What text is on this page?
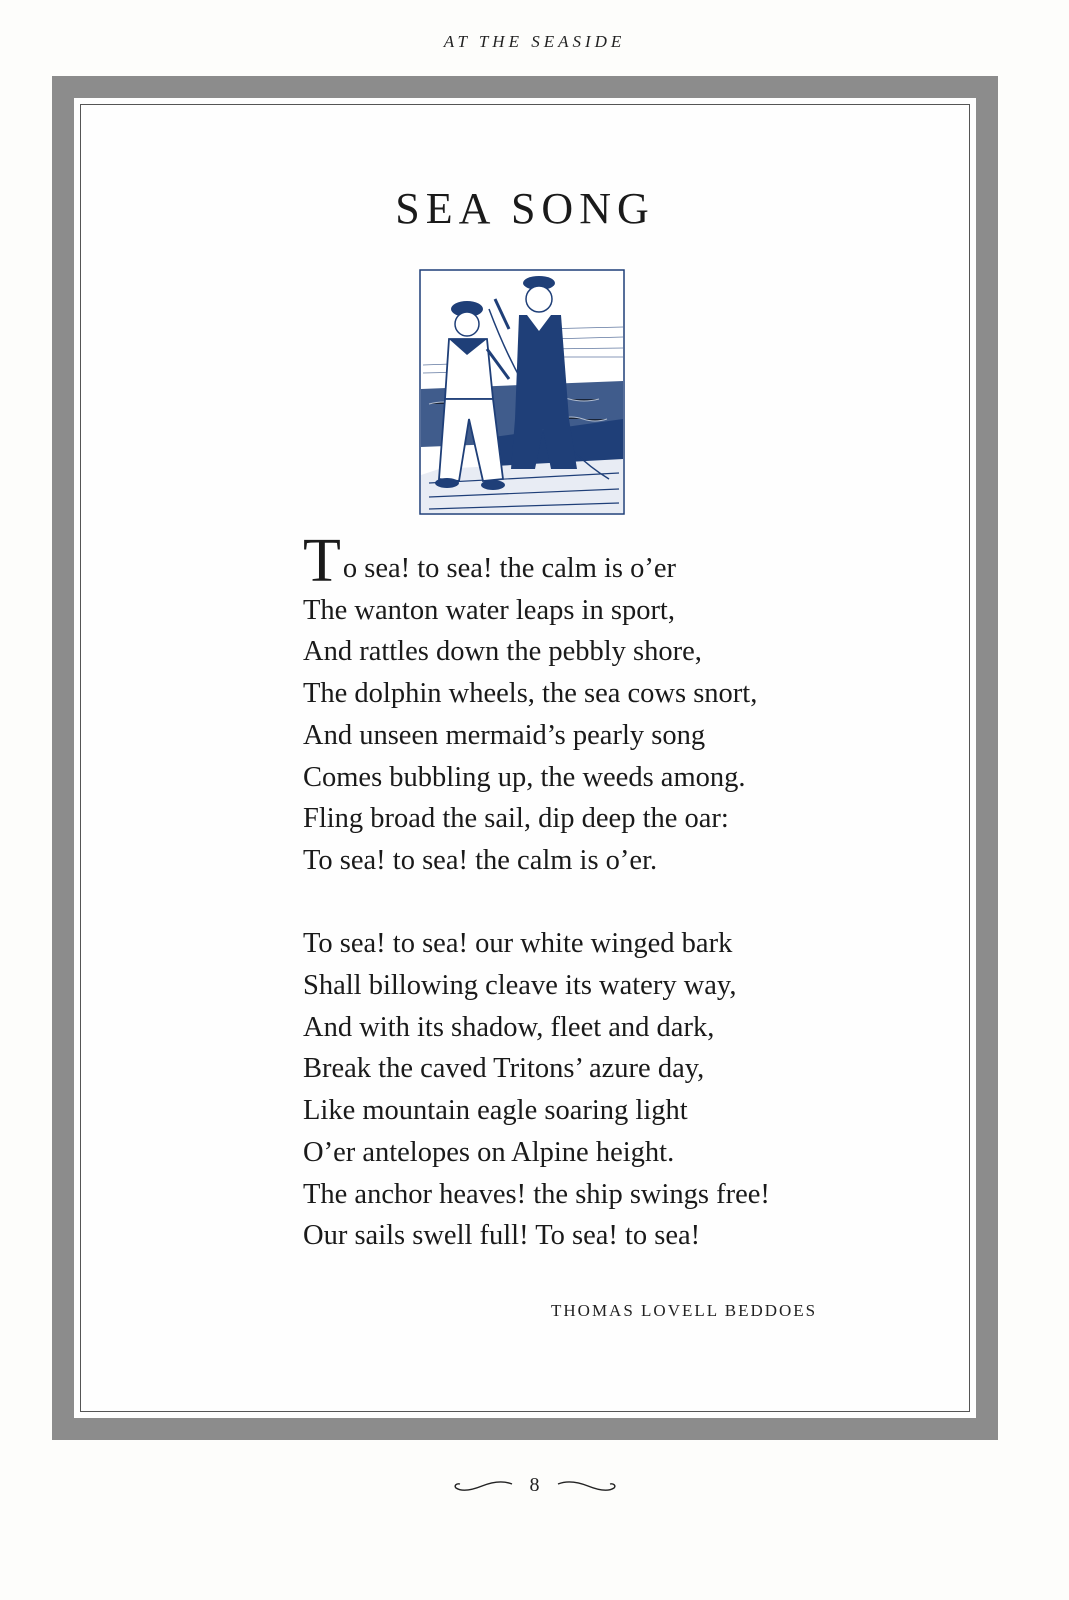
AT THE SEASIDE
SEA SONG
To sea! to sea! the calm is o’er
The wanton water leaps in sport,
And rattles down the pebbly shore,
The dolphin wheels, the sea cows snort,
And unseen mermaid’s pearly song
Comes bubbling up, the weeds among.
Fling broad the sail, dip deep the oar:
To sea! to sea! the calm is o’er.
To sea! to sea! our white winged bark
Shall billowing cleave its watery way,
And with its shadow, fleet and dark,
Break the caved Tritons’ azure day,
Like mountain eagle soaring light
O’er antelopes on Alpine height.
The anchor heaves! the ship swings free!
Our sails swell full! To sea! to sea!
THOMAS LOVELL BEDDOES
8
